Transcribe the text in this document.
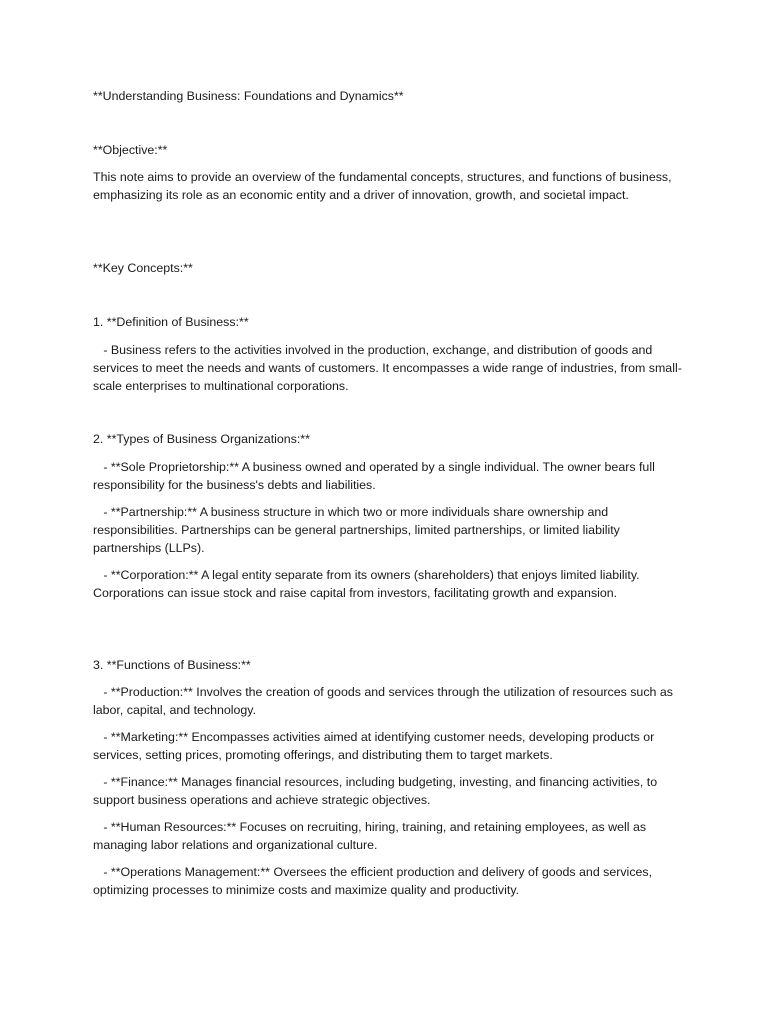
**Understanding Business: Foundations and Dynamics**

**Objective:**

This note aims to provide an overview of the fundamental concepts, structures, and functions of business, emphasizing its role as an economic entity and a driver of innovation, growth, and societal impact.

**Key Concepts:**

1. **Definition of Business:**

- Business refers to the activities involved in the production, exchange, and distribution of goods and services to meet the needs and wants of customers. It encompasses a wide range of industries, from small-scale enterprises to multinational corporations.

2. **Types of Business Organizations:**

- **Sole Proprietorship:** A business owned and operated by a single individual. The owner bears full responsibility for the business's debts and liabilities.

- **Partnership:** A business structure in which two or more individuals share ownership and responsibilities. Partnerships can be general partnerships, limited partnerships, or limited liability partnerships (LLPs).

- **Corporation:** A legal entity separate from its owners (shareholders) that enjoys limited liability. Corporations can issue stock and raise capital from investors, facilitating growth and expansion.

3. **Functions of Business:**

- **Production:** Involves the creation of goods and services through the utilization of resources such as labor, capital, and technology.

- **Marketing:** Encompasses activities aimed at identifying customer needs, developing products or services, setting prices, promoting offerings, and distributing them to target markets.

- **Finance:** Manages financial resources, including budgeting, investing, and financing activities, to support business operations and achieve strategic objectives.

- **Human Resources:** Focuses on recruiting, hiring, training, and retaining employees, as well as managing labor relations and organizational culture.

- **Operations Management:** Oversees the efficient production and delivery of goods and services, optimizing processes to minimize costs and maximize quality and productivity.
